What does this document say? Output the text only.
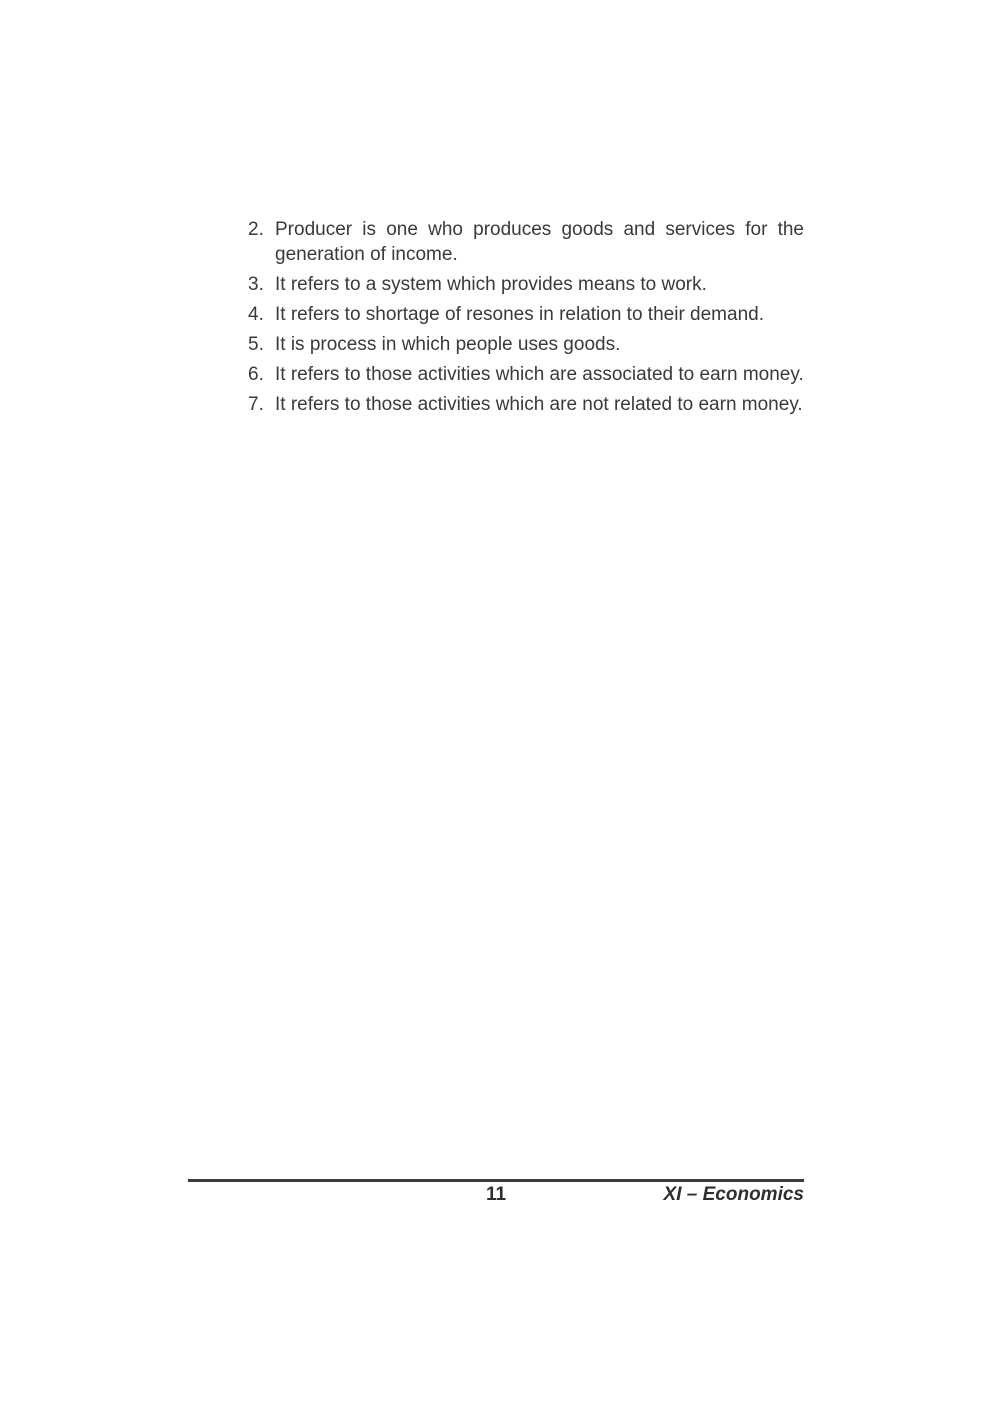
2. Producer is one who produces goods and services for the generation of income.
3. It refers to a system which provides means to work.
4. It refers to shortage of resones in relation to their demand.
5. It is process in which people uses goods.
6. It refers to those activities which are associated to earn money.
7. It refers to those activities which are not related to earn money.
11	XI – Economics
